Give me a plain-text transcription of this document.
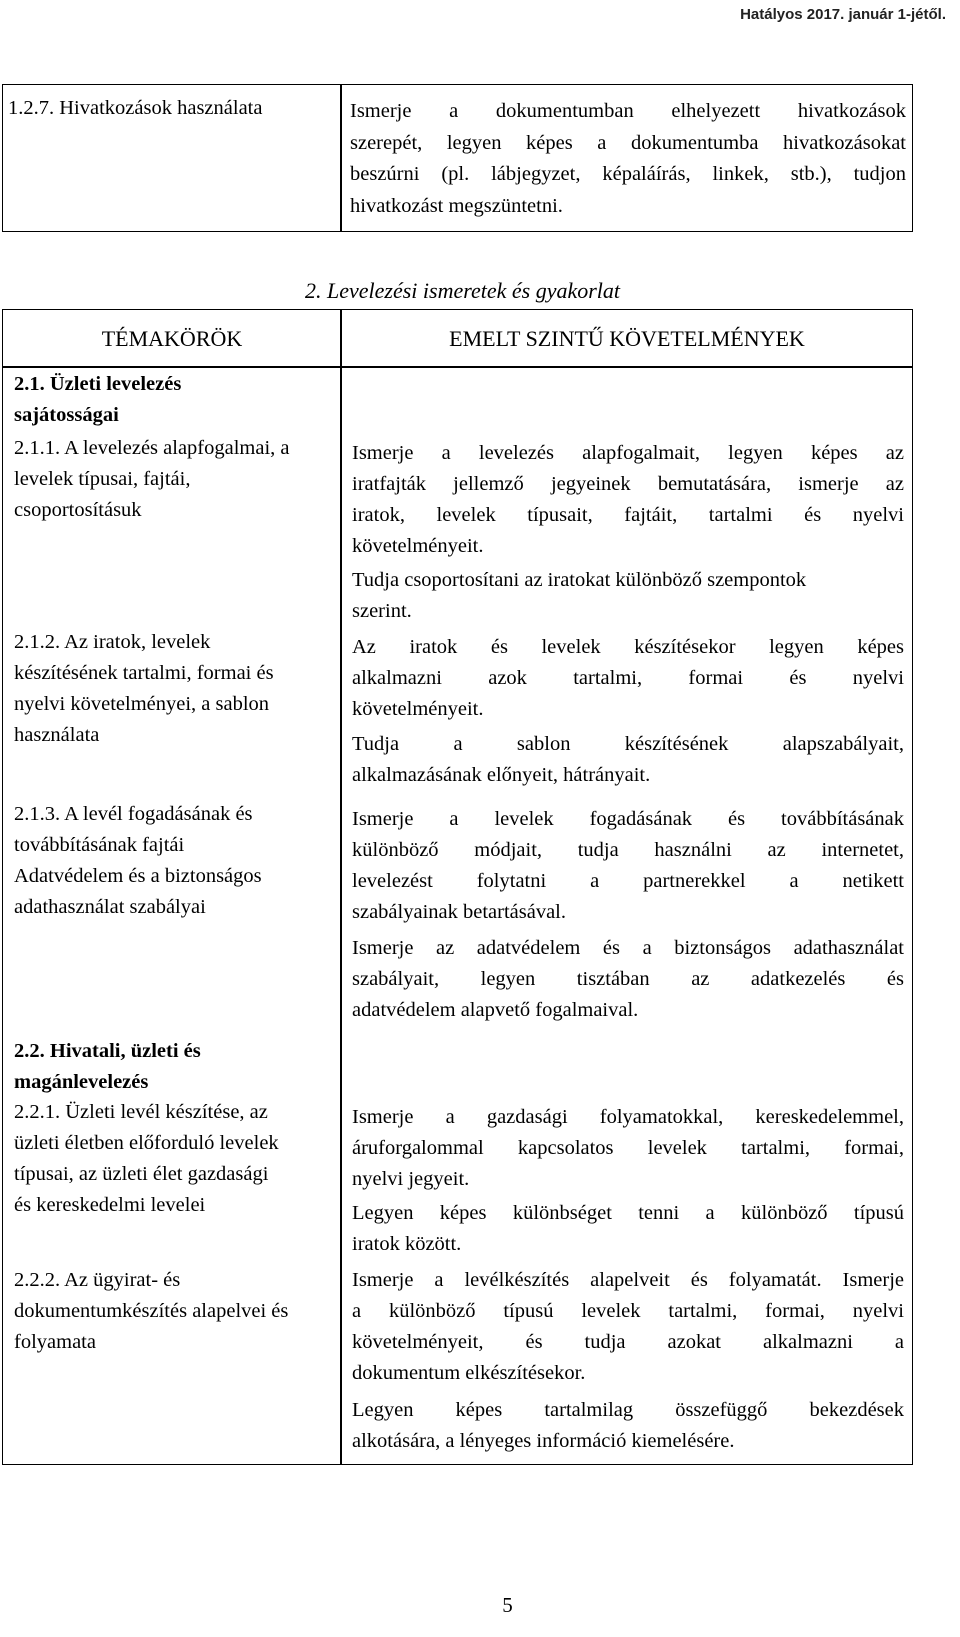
Hatályos 2017. január 1-jétől.
1.2.7. Hivatkozások használata	Ismerje a dokumentumban elhelyezett hivatkozások
szerepét, legyen képes a dokumentumba hivatkozásokat
beszúrni (pl. lábjegyzet, képaláírás, linkek, stb.), tudjon
hivatkozást megszüntetni.
2. Levelezési ismeretek és gyakorlat
TÉMAKÖRÖK	EMELT SZINTŰ KÖVETELMÉNYEK
2.1. Üzleti levelezés
sajátosságai
2.1.1. A levelezés alapfogalmai, a
levelek típusai, fajtái,
csoportosításuk
Ismerje a levelezés alapfogalmait, legyen képes az
iratfajták jellemző jegyeinek bemutatására, ismerje az
iratok, levelek típusait, fajtáit, tartalmi és nyelvi
követelményeit.
Tudja csoportosítani az iratokat különböző szempontok
szerint.
2.1.2. Az iratok, levelek
készítésének tartalmi, formai és
nyelvi követelményei, a sablon
használata
Az iratok és levelek készítésekor legyen képes
alkalmazni azok tartalmi, formai és nyelvi
követelményeit.
Tudja a sablon készítésének alapszabályait,
alkalmazásának előnyeit, hátrányait.
2.1.3. A levél fogadásának és
továbbításának fajtái
Adatvédelem és a biztonságos
adathasználat szabályai
Ismerje a levelek fogadásának és továbbításának
különböző módjait, tudja használni az internetet,
levelezést folytatni a partnerekkel a netikett
szabályainak betartásával.
Ismerje az adatvédelem és a biztonságos adathasználat
szabályait, legyen tisztában az adatkezelés és
adatvédelem alapvető fogalmaival.
2.2. Hivatali, üzleti és
magánlevelezés
2.2.1. Üzleti levél készítése, az
üzleti életben előforduló levelek
típusai, az üzleti élet gazdasági
és kereskedelmi levelei
Ismerje a gazdasági folyamatokkal, kereskedelemmel,
áruforgalommal kapcsolatos levelek tartalmi, formai,
nyelvi jegyeit.
Legyen képes különbséget tenni a különböző típusú
iratok között.
2.2.2. Az ügyirat- és
dokumentumkészítés alapelvei és
folyamata
Ismerje a levélkészítés alapelveit és folyamatát. Ismerje
a különböző típusú levelek tartalmi, formai, nyelvi
követelményeit, és tudja azokat alkalmazni a
dokumentum elkészítésekor.
Legyen képes tartalmilag összefüggő bekezdések
alkotására, a lényeges információ kiemelésére.
5
